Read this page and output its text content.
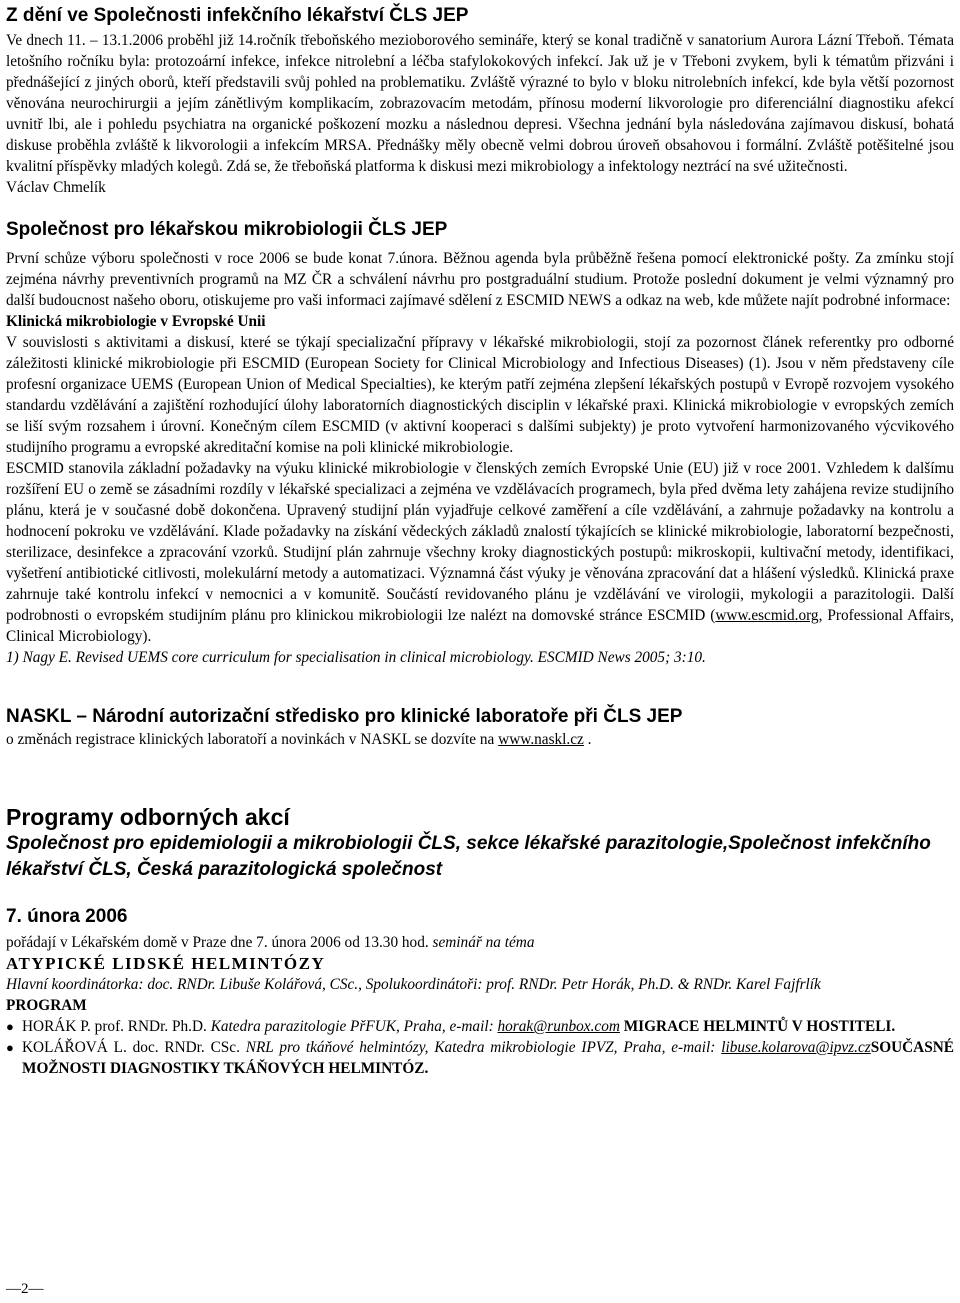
Z dění ve Společnosti infekčního lékařství ČLS JEP

Ve dnech 11. – 13.1.2006 proběhl již 14.ročník třeboňského mezioborového semináře, který se konal tradičně v sanatorium Aurora Lázní Třeboň. Témata letošního ročníku byla: protozoární infekce, infekce nitrolební a léčba stafylokokových infekcí. Jak už je v Třeboni zvykem, byli k tématům přizváni i přednášející z jiných oborů, kteří představili svůj pohled na problematiku. Zvláště výrazné to bylo v bloku nitrolebních infekcí, kde byla větší pozornost věnována neurochirurgii a jejím zánětlivým komplikacím, zobrazovacím metodám, přínosu moderní likvorologie pro diferenciální diagnostiku afekcí uvnitř lbi, ale i pohledu psychiatra na organické poškození mozku a následnou depresi. Všechna jednání byla následována zajímavou diskusí, bohatá diskuse proběhla zvláště k likvorologii a infekcím MRSA. Přednášky měly obecně velmi dobrou úroveň obsahovou i formální. Zvláště potěšitelné jsou kvalitní příspěvky mladých kolegů. Zdá se, že třeboňská platforma k diskusi mezi mikrobiology a infektology neztrácí na své užitečnosti.

Václav Chmelík

Společnost pro lékařskou mikrobiologii ČLS JEP

První schůze výboru společnosti v roce 2006 se bude konat 7.února. Běžnou agenda byla průběžně řešena pomocí elektronické pošty. Za zmínku stojí zejména návrhy preventivních programů na MZ ČR a schválení návrhu pro postgraduální studium. Protože poslední dokument je velmi významný pro další budoucnost našeho oboru, otiskujeme pro vaši informaci zajímavé sdělení z ESCMID NEWS a odkaz na web, kde můžete najít podrobné informace:

Klinická mikrobiologie v Evropské Unii

V souvislosti s aktivitami a diskusí, které se týkají specializační přípravy v lékařské mikrobiologii, stojí za pozornost článek referentky pro odborné záležitosti klinické mikrobiologie při ESCMID (European Society for Clinical Microbiology and Infectious Diseases) (1). Jsou v něm představeny cíle profesní organizace UEMS (European Union of Medical Specialties), ke kterým patří zejména zlepšení lékařských postupů v Evropě rozvojem vysokého standardu vzdělávání a zajištění rozhodující úlohy laboratorních diagnostických disciplin v lékařské praxi. Klinická mikrobiologie v evropských zemích se liší svým rozsahem i úrovní. Konečným cílem ESCMID (v aktivní kooperaci s dalšími subjekty) je proto vytvoření harmonizovaného výcvikového studijního programu a evropské akreditační komise na poli klinické mikrobiologie.

ESCMID stanovila základní požadavky na výuku klinické mikrobiologie v členských zemích Evropské Unie (EU) již v roce 2001. Vzhledem k dalšímu rozšíření EU o země se zásadními rozdíly v lékařské specializaci a zejména ve vzdělávacích programech, byla před dvěma lety zahájena revize studijního plánu, která je v současné době dokončena. Upravený studijní plán vyjadřuje celkové zaměření a cíle vzdělávání, a zahrnuje požadavky na kontrolu a hodnocení pokroku ve vzdělávání. Klade požadavky na získání vědeckých základů znalostí týkajících se klinické mikrobiologie, laboratorní bezpečnosti, sterilizace, desinfekce a zpracování vzorků. Studijní plán zahrnuje všechny kroky diagnostických postupů: mikroskopii, kultivační metody, identifikaci, vyšetření antibiotické citlivosti, molekulární metody a automatizaci. Významná část výuky je věnována zpracování dat a hlášení výsledků. Klinická praxe zahrnuje také kontrolu infekcí v nemocnici a v komunitě. Součástí revidovaného plánu je vzdělávání ve virologii, mykologii a parazitologii. Další podrobnosti o evropském studijním plánu pro klinickou mikrobiologii lze nalézt na domovské stránce ESCMID (www.escmid.org, Professional Affairs, Clinical Microbiology).

1) Nagy E. Revised UEMS core curriculum for specialisation in clinical microbiology. ESCMID News 2005; 3:10.

NASKL – Národní autorizační středisko pro klinické laboratoře při ČLS JEP

o změnách registrace klinických laboratoří a novinkách v NASKL se dozvíte na www.naskl.cz .

Programy odborných akcí

Společnost pro epidemiologii a mikrobiologii ČLS, sekce lékařské parazitologie,Společnost infekčního lékařství ČLS, Česká parazitologická společnost

7. února 2006

pořádají v Lékařském domě v Praze dne 7. února 2006 od 13.30 hod. seminář na téma

ATYPICKÉ LIDSKÉ HELMINTÓZY

Hlavní koordinátorka: doc. RNDr. Libuše Kolářová, CSc., Spolukoordinátoři: prof. RNDr. Petr Horák, Ph.D. & RNDr. Karel Fajfrlík

PROGRAM

● HORÁK P. prof. RNDr. Ph.D. Katedra parazitologie PřFUK, Praha, e-mail: horak@runbox.com MIGRACE HELMINTŮ V HOSTITELI.
● KOLÁŘOVÁ L. doc. RNDr. CSc. NRL pro tkáňové helmintózy, Katedra mikrobiologie IPVZ, Praha, e-mail: libuse.kolarova@ipvz.czSOUČASNÉ MOŽNOSTI DIAGNOSTIKY TKÁŇOVÝCH HELMINTÓZ.
—2—
